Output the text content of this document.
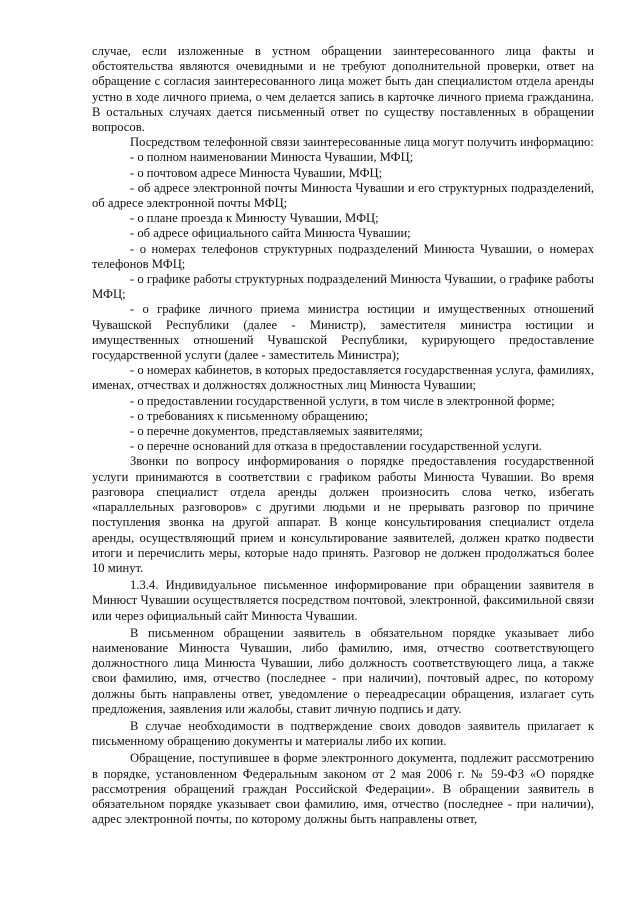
случае, если изложенные в устном обращении заинтересованного лица факты и обстоятельства являются очевидными и не требуют дополнительной проверки, ответ на обращение с согласия заинтересованного лица может быть дан специалистом отдела аренды устно в ходе личного приема, о чем делается запись в карточке личного приема гражданина. В остальных случаях дается письменный ответ по существу поставленных в обращении вопросов.

Посредством телефонной связи заинтересованные лица могут получить информацию:

- о полном наименовании Минюста Чувашии, МФЦ;

- о почтовом адресе Минюста Чувашии, МФЦ;

- об адресе электронной почты Минюста Чувашии и его структурных подразделений, об адресе электронной почты МФЦ;

- о плане проезда к Минюсту Чувашии, МФЦ;

- об адресе официального сайта Минюста Чувашии;

- о номерах телефонов структурных подразделений Минюста Чувашии, о номерах телефонов МФЦ;

- о графике работы структурных подразделений Минюста Чувашии, о графике работы МФЦ;

- о графике личного приема министра юстиции и имущественных отношений Чувашской Республики (далее - Министр), заместителя министра юстиции и имущественных отношений Чувашской Республики, курирующего предоставление государственной услуги (далее - заместитель Министра);

- о номерах кабинетов, в которых предоставляется государственная услуга, фамилиях, именах, отчествах и должностях должностных лиц Минюста Чувашии;

- о предоставлении государственной услуги, в том числе в электронной форме;

- о требованиях к письменному обращению;

- о перечне документов, представляемых заявителями;

- о перечне оснований для отказа в предоставлении государственной услуги.

Звонки по вопросу информирования о порядке предоставления государственной услуги принимаются в соответствии с графиком работы Минюста Чувашии. Во время разговора специалист отдела аренды должен произносить слова четко, избегать «параллельных разговоров» с другими людьми и не прерывать разговор по причине поступления звонка на другой аппарат. В конце консультирования специалист отдела аренды, осуществляющий прием и консультирование заявителей, должен кратко подвести итоги и перечислить меры, которые надо принять. Разговор не должен продолжаться более 10 минут.

1.3.4. Индивидуальное письменное информирование при обращении заявителя в Минюст Чувашии осуществляется посредством почтовой, электронной, факсимильной связи или через официальный сайт Минюста Чувашии.

В письменном обращении заявитель в обязательном порядке указывает либо наименование Минюста Чувашии, либо фамилию, имя, отчество соответствующего должностного лица Минюста Чувашии, либо должность соответствующего лица, а также свои фамилию, имя, отчество (последнее - при наличии), почтовый адрес, по которому должны быть направлены ответ, уведомление о переадресации обращения, излагает суть предложения, заявления или жалобы, ставит личную подпись и дату.

В случае необходимости в подтверждение своих доводов заявитель прилагает к письменному обращению документы и материалы либо их копии.

Обращение, поступившее в форме электронного документа, подлежит рассмотрению в порядке, установленном Федеральным законом от 2 мая 2006 г. № 59-ФЗ «О порядке рассмотрения обращений граждан Российской Федерации». В обращении заявитель в обязательном порядке указывает свои фамилию, имя, отчество (последнее - при наличии), адрес электронной почты, по которому должны быть направлены ответ,
